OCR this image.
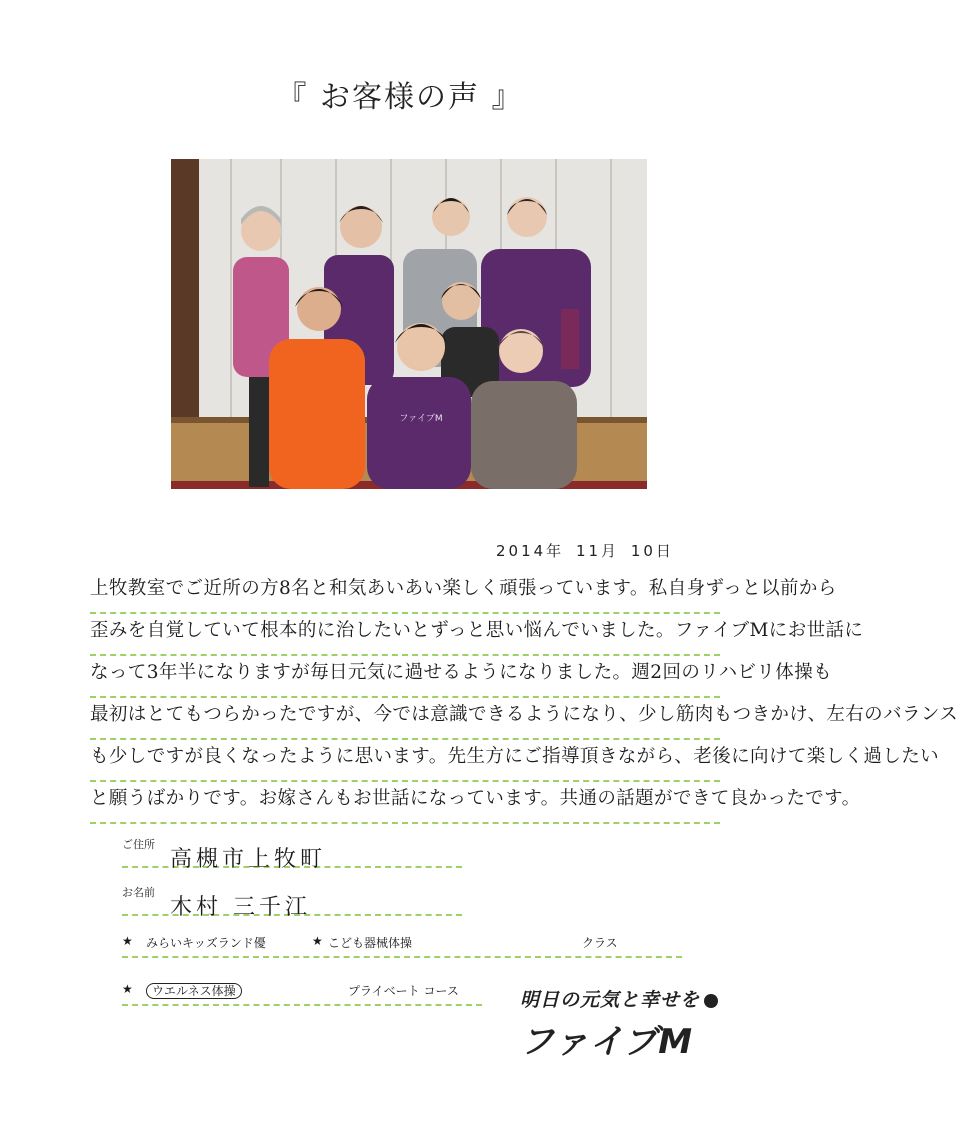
『 お客様の声 』
ファイブM
2014年 11月 10日
上牧教室でご近所の方8名と和気あいあい楽しく頑張っています。私自身ずっと以前から
歪みを自覚していて根本的に治したいとずっと思い悩んでいました。ファイブMにお世話に
なって3年半になりますが毎日元気に過せるようになりました。週2回のリハビリ体操も
最初はとてもつらかったですが、今では意識できるようになり、少し筋肉もつきかけ、左右のバランス
も少しですが良くなったように思います。先生方にご指導頂きながら、老後に向けて楽しく過したい
と願うばかりです。お嫁さんもお世話になっています。共通の話題ができて良かったです。
ご住所
高槻市上牧町
お名前
木村 三千江
★ みらいキッズランド優	★ こども器械体操	クラス
★	ウエルネス体操	プライベート コース	明日の元気と幸せを
ファイブM
